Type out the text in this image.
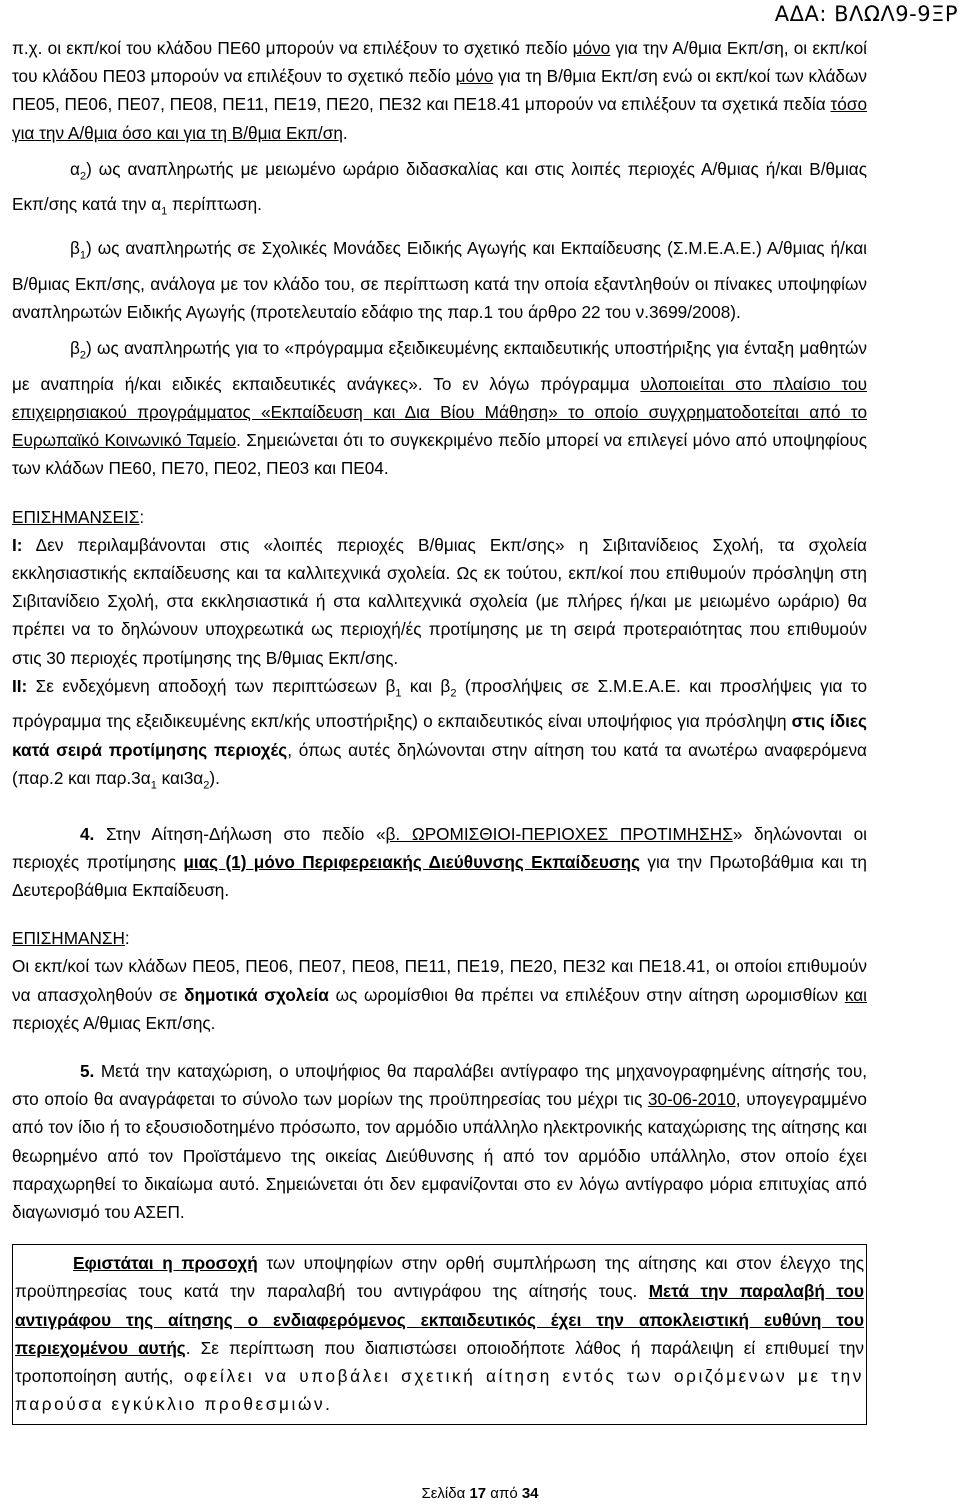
ΑΔΑ: ΒΛΩΛ9-9ΞΡ

π.χ. οι εκπ/κοί του κλάδου ΠΕ60 μπορούν να επιλέξουν το σχετικό πεδίο μόνο για την Α/θμια Εκπ/ση, οι εκπ/κοί του κλάδου ΠΕ03 μπορούν να επιλέξουν το σχετικό πεδίο μόνο για τη Β/θμια Εκπ/ση ενώ οι εκπ/κοί των κλάδων ΠΕ05, ΠΕ06, ΠΕ07, ΠΕ08, ΠΕ11, ΠΕ19, ΠΕ20, ΠΕ32 και ΠΕ18.41 μπορούν να επιλέξουν τα σχετικά πεδία τόσο για την Α/θμια όσο και για τη Β/θμια Εκπ/ση.

$\alpha_2$) ως αναπληρωτής με μειωμένο ωράριο διδασκαλίας και στις λοιπές περιοχές Α/θμιας ή/και Β/θμιας Εκπ/σης κατά την $\alpha_1$ περίπτωση.

$\beta_1$) ως αναπληρωτής σε Σχολικές Μονάδες Ειδικής Αγωγής και Εκπαίδευσης (Σ.Μ.Ε.Α.Ε.) Α/θμιας ή/και Β/θμιας Εκπ/σης, ανάλογα με τον κλάδο του, σε περίπτωση κατά την οποία εξαντληθούν οι πίνακες υποψηφίων αναπληρωτών Ειδικής Αγωγής (προτελευταίο εδάφιο της παρ.1 του άρθρο 22 του ν.3699/2008).

$\beta_2$) ως αναπληρωτής για το «πρόγραμμα εξειδικευμένης εκπαιδευτικής υποστήριξης για ένταξη μαθητών με αναπηρία ή/και ειδικές εκπαιδευτικές ανάγκες». Το εν λόγω πρόγραμμα υλοποιείται στο πλαίσιο του επιχειρησιακού προγράμματος «Εκπαίδευση και Δια Βίου Μάθηση» το οποίο συγχρηματοδοτείται από το Ευρωπαϊκό Κοινωνικό Ταμείο. Σημειώνεται ότι το συγκεκριμένο πεδίο μπορεί να επιλεγεί μόνο από υποψηφίους των κλάδων ΠΕ60, ΠΕ70, ΠΕ02, ΠΕ03 και ΠΕ04.

ΕΠΙΣΗΜΑΝΣΕΙΣ:

Ι: Δεν περιλαμβάνονται στις «λοιπές περιοχές Β/θμιας Εκπ/σης» η Σιβιτανίδειος Σχολή, τα σχολεία εκκλησιαστικής εκπαίδευσης και τα καλλιτεχνικά σχολεία. Ως εκ τούτου, εκπ/κοί που επιθυμούν πρόσληψη στη Σιβιτανίδειο Σχολή, στα εκκλησιαστικά ή στα καλλιτεχνικά σχολεία (με πλήρες ή/και με μειωμένο ωράριο) θα πρέπει να το δηλώνουν υποχρεωτικά ως περιοχή/ές προτίμησης με τη σειρά προτεραιότητας που επιθυμούν στις 30 περιοχές προτίμησης της Β/θμιας Εκπ/σης.

ΙΙ: Σε ενδεχόμενη αποδοχή των περιπτώσεων $\beta_1$ και $\beta_2$ (προσλήψεις σε Σ.Μ.Ε.Α.Ε. και προσλήψεις για το πρόγραμμα της εξειδικευμένης εκπ/κής υποστήριξης) ο εκπαιδευτικός είναι υποψήφιος για πρόσληψη στις ίδιες κατά σειρά προτίμησης περιοχές, όπως αυτές δηλώνονται στην αίτηση του κατά τα ανωτέρω αναφερόμενα (παρ.2 και $\pi\alpha\rho.3\alpha_1$ $\kappa\alpha\iota 3\alpha_2$).

4. Στην Αίτηση-Δήλωση στο πεδίο «β. ΩΡΟΜΙΣΘΙΟΙ-ΠΕΡΙΟΧΕΣ ΠΡΟΤΙΜΗΣΗΣ» δηλώνονται οι περιοχές προτίμησης μιας (1) μόνο Περιφερειακής Διεύθυνσης Εκπαίδευσης για την Πρωτοβάθμια και τη Δευτεροβάθμια Εκπαίδευση.

ΕΠΙΣΗΜΑΝΣΗ:

Οι εκπ/κοί των κλάδων ΠΕ05, ΠΕ06, ΠΕ07, ΠΕ08, ΠΕ11, ΠΕ19, ΠΕ20, ΠΕ32 και ΠΕ18.41, οι οποίοι επιθυμούν να απασχοληθούν σε δημοτικά σχολεία ως ωρομίσθιοι θα πρέπει να επιλέξουν στην αίτηση ωρομισθίων και περιοχές Α/θμιας Εκπ/σης.

5. Μετά την καταχώριση, ο υποψήφιος θα παραλάβει αντίγραφο της μηχανογραφημένης αίτησής του, στο οποίο θα αναγράφεται το σύνολο των μορίων της προϋπηρεσίας του μέχρι τις 30-06-2010, υπογεγραμμένο από τον ίδιο ή το εξουσιοδοτημένο πρόσωπο, τον αρμόδιο υπάλληλο ηλεκτρονικής καταχώρισης της αίτησης και θεωρημένο από τον Προϊστάμενο της οικείας Διεύθυνσης ή από τον αρμόδιο υπάλληλο, στον οποίο έχει παραχωρηθεί το δικαίωμα αυτό. Σημειώνεται ότι δεν εμφανίζονται στο εν λόγω αντίγραφο μόρια επιτυχίας από διαγωνισμό του ΑΣΕΠ.

Εφιστάται η προσοχή των υποψηφίων στην ορθή συμπλήρωση της αίτησης και στον έλεγχο της προϋπηρεσίας τους κατά την παραλαβή του αντιγράφου της αίτησής τους. Μετά την παραλαβή του αντιγράφου της αίτησης ο ενδιαφερόμενος εκπαιδευτικός έχει την αποκλειστική ευθύνη του περιεχομένου αυτής. Σε περίπτωση που διαπιστώσει οποιοδήποτε λάθος ή παράλειψη εί επιθυμεί την τροποποίηση αυτής, οφείλει να υποβάλει σχετική αίτηση εντός των οριζόμενων με την παρούσα εγκύκλιο προθεσμιών.

Σελίδα 17 από 34
